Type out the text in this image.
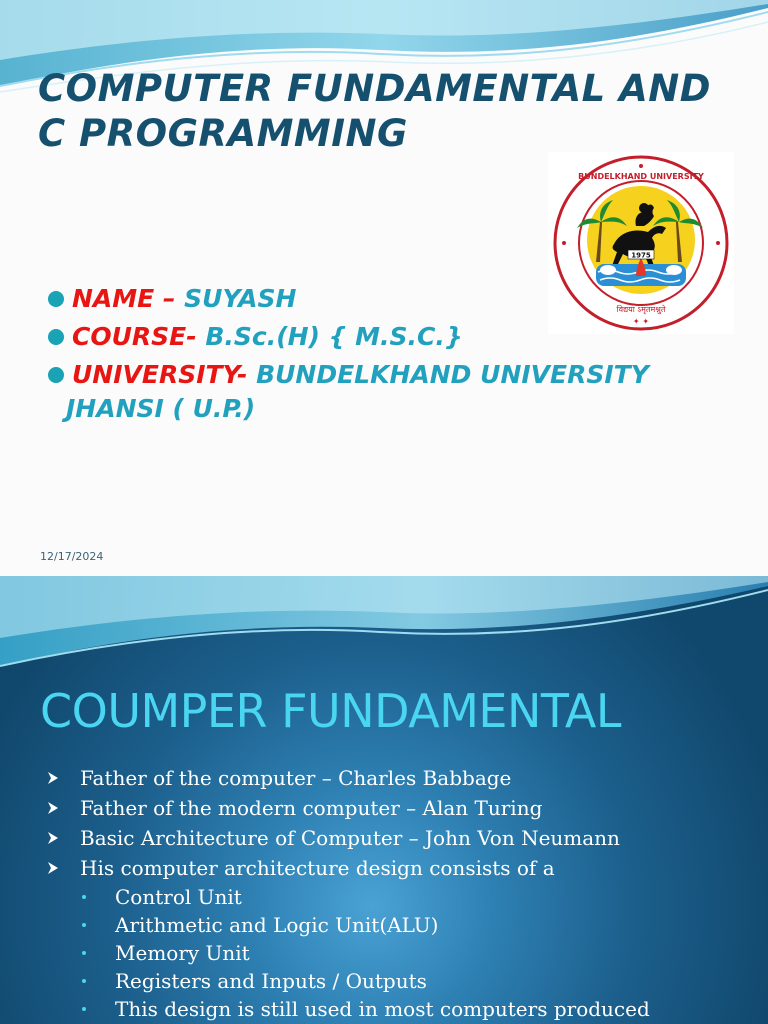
COMPUTER FUNDAMENTAL AND
C PROGRAMMING
BUNDELKHAND UNIVERSITY
✦ ✦
1975
विद्यया ऽमृतमश्नुते
NAME – SUYASH
COURSE- B.Sc.(H) { M.S.C.}
UNIVERSITY- BUNDELKHAND UNIVERSITY
JHANSI ( U.P.)
12/17/2024
COUMPER FUNDAMENTAL
Father of the computer – Charles Babbage
Father of the modern computer – Alan Turing
Basic Architecture of Computer – John Von Neumann
His computer architecture design consists of a
Control Unit
Arithmetic and Logic Unit(ALU)
Memory Unit
Registers and Inputs / Outputs
This design is still used in most computers produced
